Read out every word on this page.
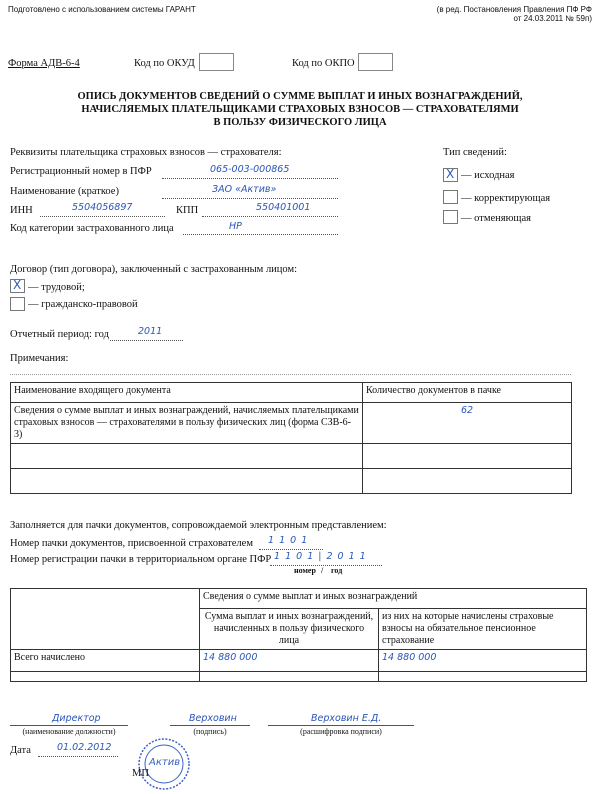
Подготовлено с использованием системы ГАРАНТ	(в ред. Постановления Правления ПФ РФ
от 24.03.2011 № 59п)
Форма АДВ-6-4	Код по ОКУД	Код по ОКПО
ОПИСЬ ДОКУМЕНТОВ СВЕДЕНИЙ О СУММЕ ВЫПЛАТ И ИНЫХ ВОЗНАГРАЖДЕНИЙ,
НАЧИСЛЯЕМЫХ ПЛАТЕЛЬЩИКАМИ СТРАХОВЫХ ВЗНОСОВ — СТРАХОВАТЕЛЯМИ
В ПОЛЬЗУ ФИЗИЧЕСКОГО ЛИЦА
Реквизиты плательщика страховых взносов — страхователя:
Регистрационный номер в ПФР	065-003-000865
Наименование (краткое)	ЗАО «Актив»
ИНН	5504056897	КПП	550401001
Код категории застрахованного лица	НР
Тип сведений:
X — исходная
— корректирующая
— отменяющая
Договор (тип договора), заключенный с застрахованным лицом:
X — трудовой;
— гражданско-правовой
Отчетный период: год	2011
Примечания:
Наименование входящего документа	Количество документов в пачке
Сведения о сумме выплат и иных вознаграждений, начисляемых плательщиками страховых взносов — страхователями в пользу физических лиц (форма СЗВ-6-3)	62

Заполняется для пачки документов, сопровождаемой электронным представлением:
Номер пачки документов, присвоенной страхователем 1 1 0 1
Номер регистрации пачки в территориальном органе ПФР 1 1 0 1 | 2 0 1 1
номер / год
	Сведения о сумме выплат и иных вознаграждений	
	Сумма выплат и иных вознаграждений, начисленных в пользу физического лица	из них на которые начислены страховые взносы на обязательное пенсионное страхование
Всего начислено	14 880 000	14 880 000

Директор
(наименование должности)
Верховин
(подпись)
Верховин Е.Д.
(расшифровка подписи)
Дата	01.02.2012
Актив
МП
